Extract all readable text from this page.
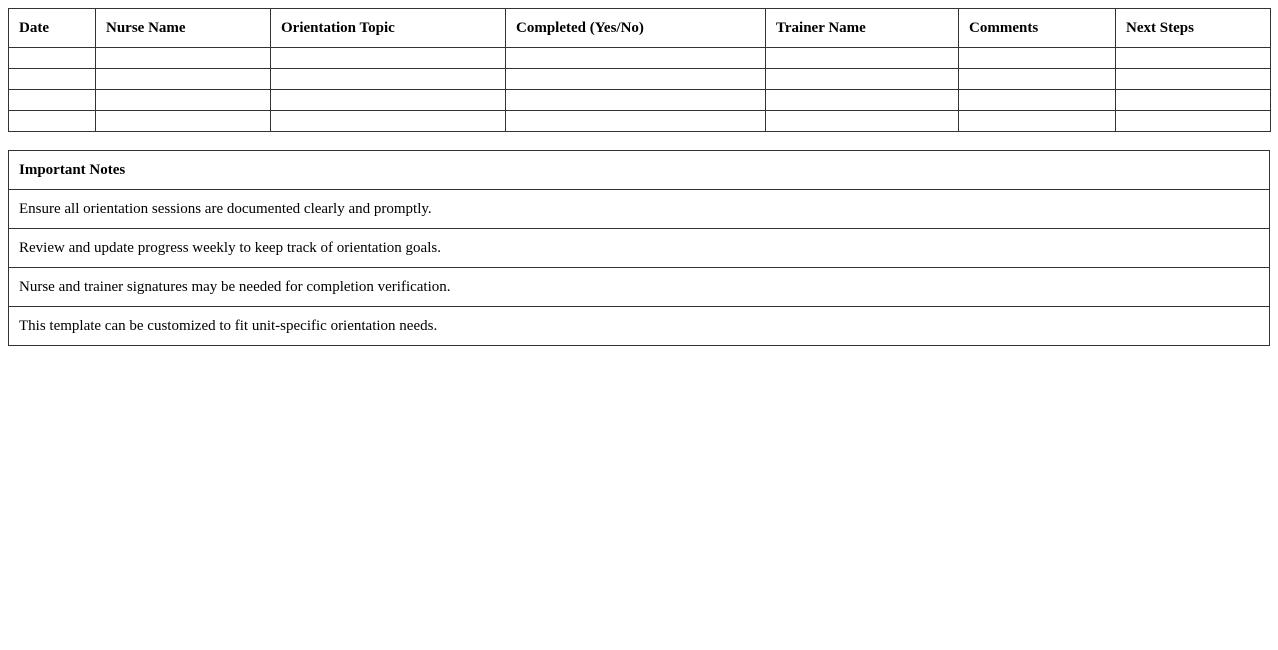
Date	Nurse Name	Orientation Topic	Completed (Yes/No)	Trainer Name	Comments	Next Steps

Important Notes
Ensure all orientation sessions are documented clearly and promptly.
Review and update progress weekly to keep track of orientation goals.
Nurse and trainer signatures may be needed for completion verification.
This template can be customized to fit unit-specific orientation needs.
